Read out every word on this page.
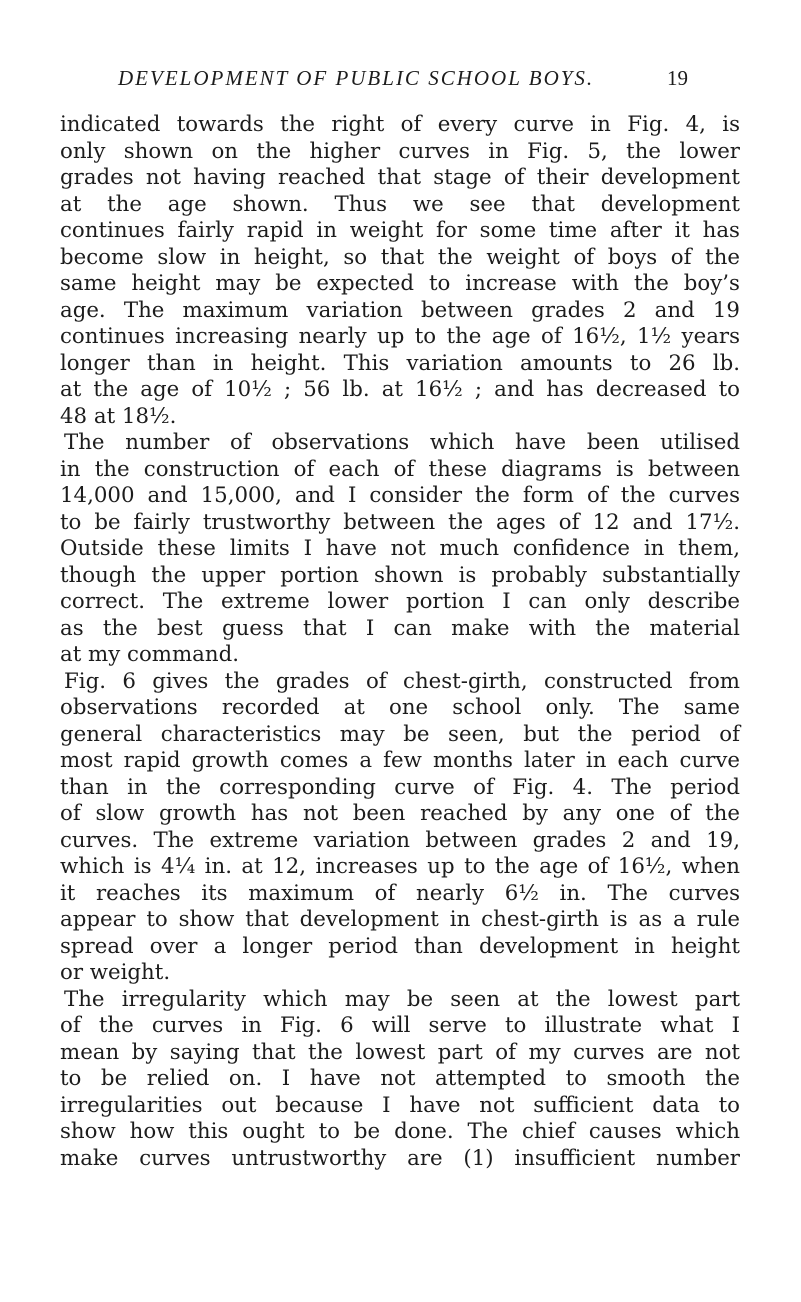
DEVELOPMENT OF PUBLIC SCHOOL BOYS.	19
indicated towards the right of every curve in Fig. 4, is
only shown on the higher curves in Fig. 5, the lower
grades not having reached that stage of their development
at the age shown. Thus we see that development
continues fairly rapid in weight for some time after it has
become slow in height, so that the weight of boys of the
same height may be expected to increase with the boy’s
age. The maximum variation between grades 2 and 19
continues increasing nearly up to the age of 16½, 1½ years
longer than in height. This variation amounts to 26 lb.
at the age of 10½ ; 56 lb. at 16½ ; and has decreased to
48 at 18½.
The number of observations which have been utilised
in the construction of each of these diagrams is between
14,000 and 15,000, and I consider the form of the curves
to be fairly trustworthy between the ages of 12 and 17½.
Outside these limits I have not much confidence in them,
though the upper portion shown is probably substantially
correct. The extreme lower portion I can only describe
as the best guess that I can make with the material
at my command.
Fig. 6 gives the grades of chest-girth, constructed from
observations recorded at one school only. The same
general characteristics may be seen, but the period of
most rapid growth comes a few months later in each curve
than in the corresponding curve of Fig. 4. The period
of slow growth has not been reached by any one of the
curves. The extreme variation between grades 2 and 19,
which is 4¼ in. at 12, increases up to the age of 16½, when
it reaches its maximum of nearly 6½ in. The curves
appear to show that development in chest-girth is as a rule
spread over a longer period than development in height
or weight.
The irregularity which may be seen at the lowest part
of the curves in Fig. 6 will serve to illustrate what I
mean by saying that the lowest part of my curves are not
to be relied on. I have not attempted to smooth the
irregularities out because I have not sufficient data to
show how this ought to be done. The chief causes which
make curves untrustworthy are (1) insufficient number
